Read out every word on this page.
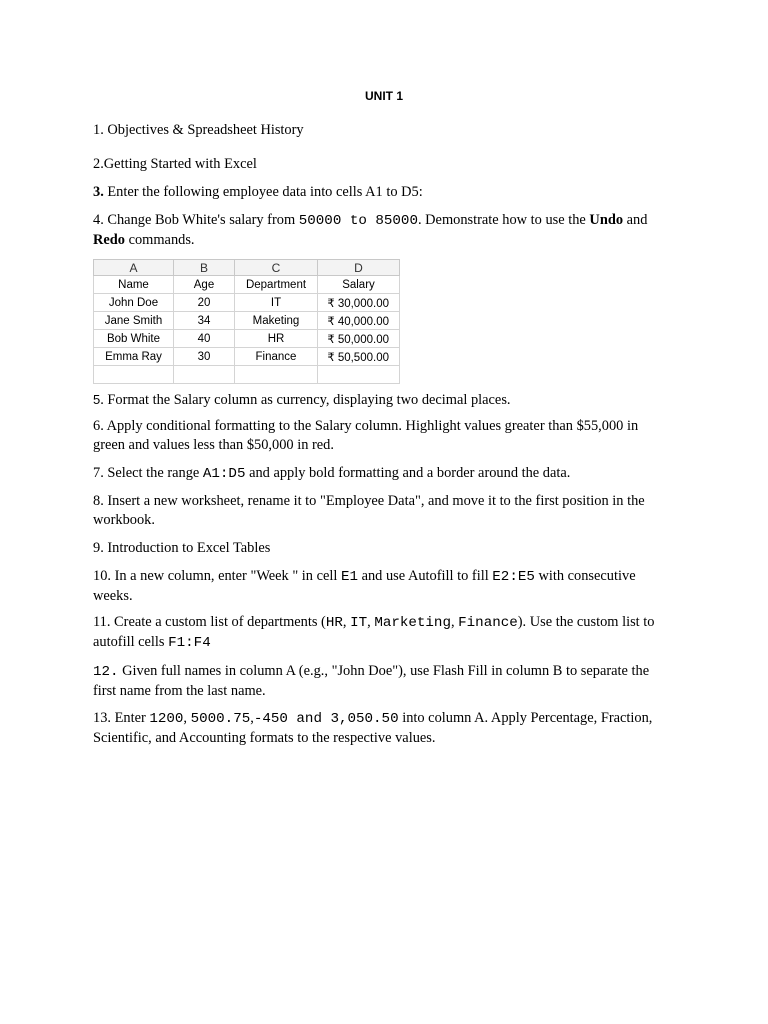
UNIT 1

1. Objectives & Spreadsheet History

2.Getting Started with Excel

3. Enter the following employee data into cells A1 to D5:

4. Change Bob White's salary from 50000 to 85000. Demonstrate how to use the Undo and Redo commands.

A	B	C	D
Name	Age	Department	Salary
John Doe	20	IT	₹ 30,000.00
Jane Smith	34	Maketing	₹ 40,000.00
Bob White	40	HR	₹ 50,000.00
Emma Ray	30	Finance	₹ 50,500.00

5. Format the Salary column as currency, displaying two decimal places.

6. Apply conditional formatting to the Salary column. Highlight values greater than $55,000 in green and values less than $50,000 in red.

7. Select the range A1:D5 and apply bold formatting and a border around the data.

8. Insert a new worksheet, rename it to "Employee Data", and move it to the first position in the workbook.

9. Introduction to Excel Tables

10. In a new column, enter "Week " in cell E1 and use Autofill to fill E2:E5 with consecutive weeks.

11. Create a custom list of departments (HR, IT, Marketing, Finance). Use the custom list to autofill cells F1:F4

12. Given full names in column A (e.g., "John Doe"), use Flash Fill in column B to separate the first name from the last name.

13. Enter 1200, 5000.75,-450 and 3,050.50 into column A. Apply Percentage, Fraction, Scientific, and Accounting formats to the respective values.
